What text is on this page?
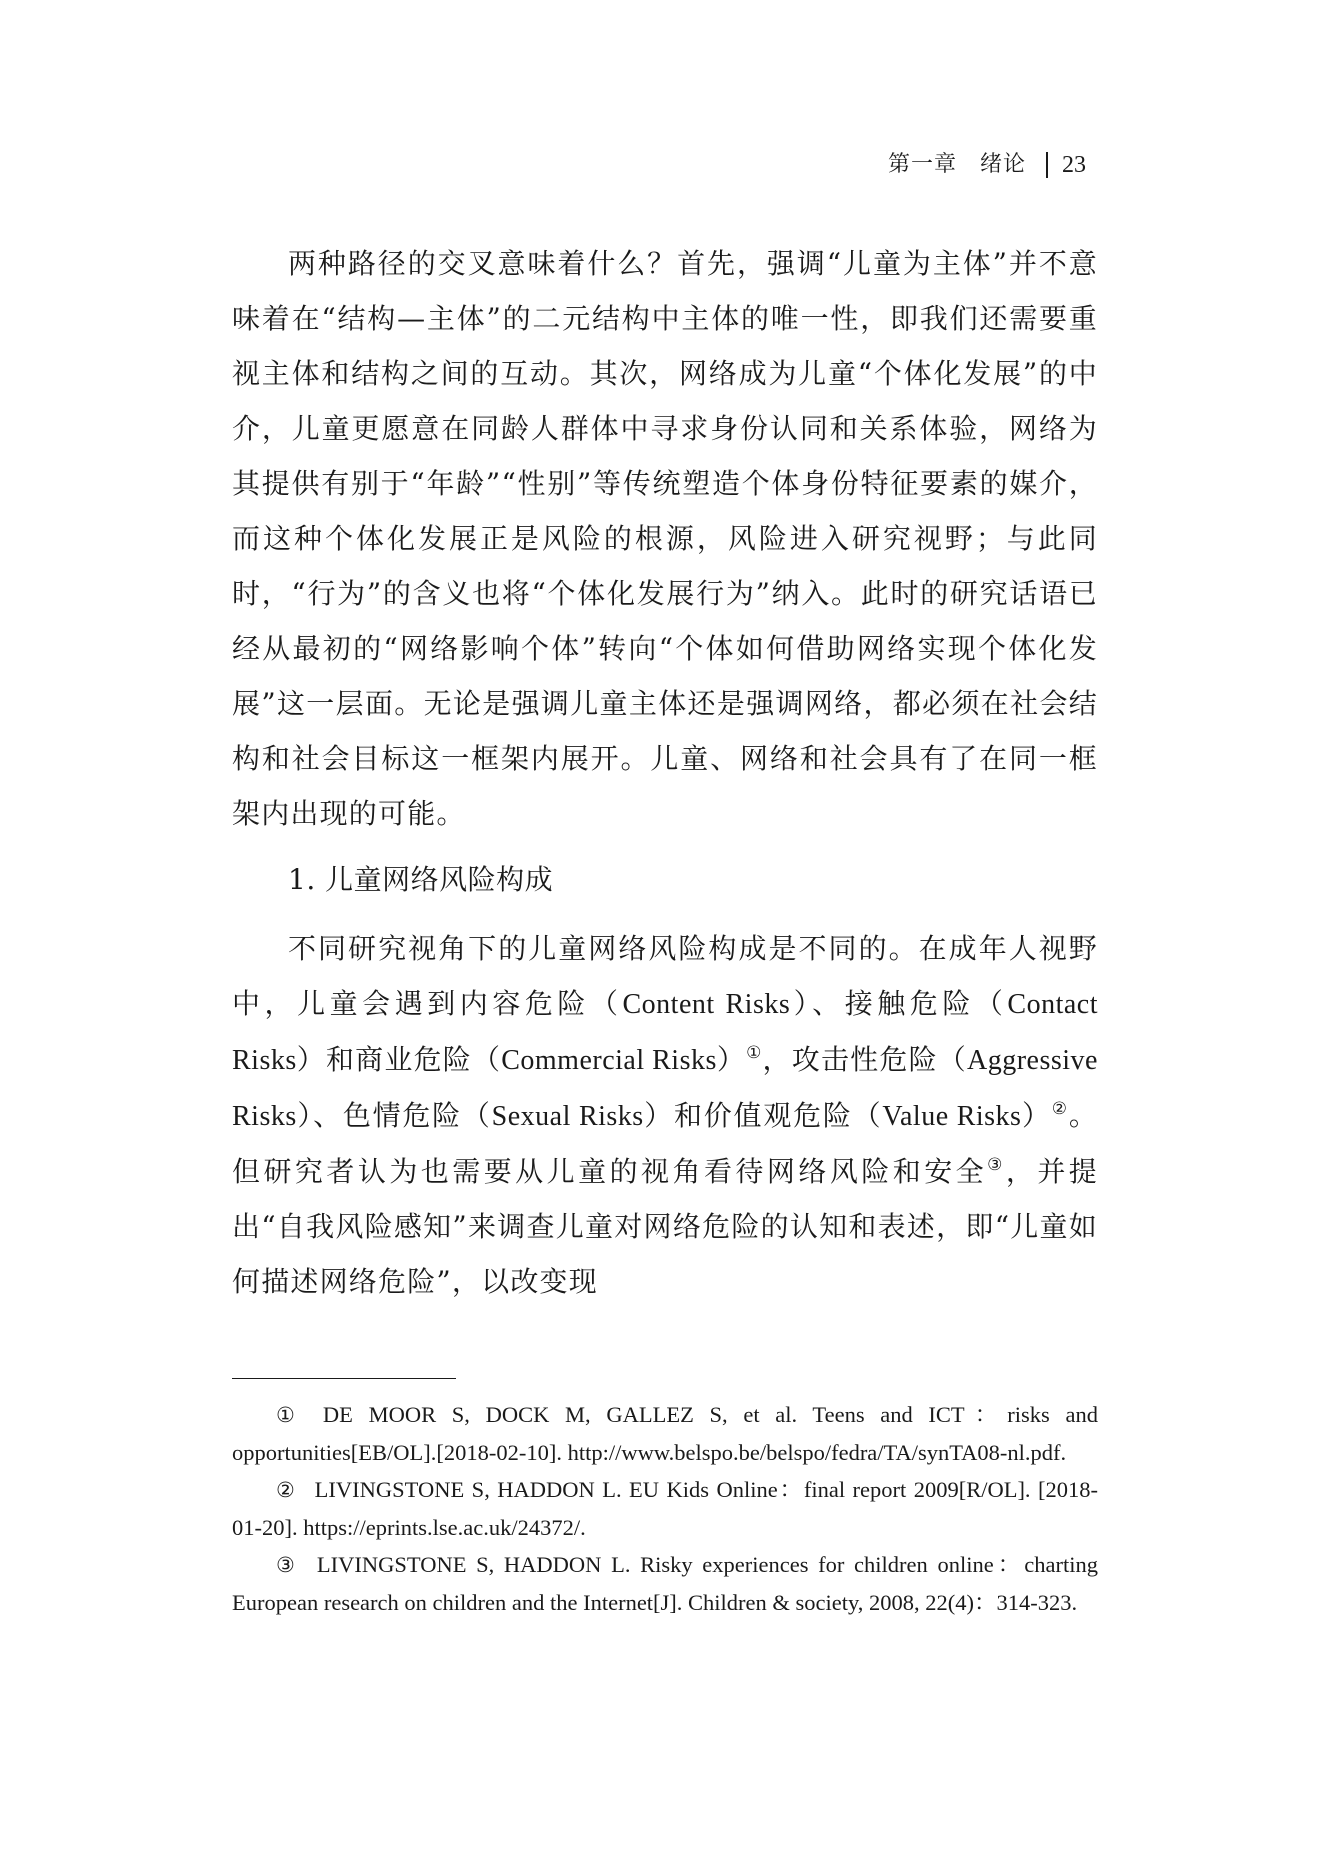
第一章　绪论 23

两种路径的交叉意味着什么？首先，强调“儿童为主体”并不意味着在“结构—主体”的二元结构中主体的唯一性，即我们还需要重视主体和结构之间的互动。其次，网络成为儿童“个体化发展”的中介，儿童更愿意在同龄人群体中寻求身份认同和关系体验，网络为其提供有别于“年龄”“性别”等传统塑造个体身份特征要素的媒介，而这种个体化发展正是风险的根源，风险进入研究视野；与此同时，“行为”的含义也将“个体化发展行为”纳入。此时的研究话语已经从最初的“网络影响个体”转向“个体如何借助网络实现个体化发展”这一层面。无论是强调儿童主体还是强调网络，都必须在社会结构和社会目标这一框架内展开。儿童、网络和社会具有了在同一框架内出现的可能。

1. 儿童网络风险构成

不同研究视角下的儿童网络风险构成是不同的。在成年人视野中，儿童会遇到内容危险（Content Risks）、接触危险（Contact Risks）和商业危险（Commercial Risks）①，攻击性危险（Aggressive Risks）、色情危险（Sexual Risks）和价值观危险（Value Risks）②。但研究者认为也需要从儿童的视角看待网络风险和安全③，并提出“自我风险感知”来调查儿童对网络危险的认知和表述，即“儿童如何描述网络危险”，以改变现

① DE MOOR S, DOCK M, GALLEZ S, et al. Teens and ICT：risks and opportunities[EB/OL].[2018-02-10]. http://www.belspo.be/belspo/fedra/TA/synTA08-nl.pdf.

② LIVINGSTONE S, HADDON L. EU Kids Online：final report 2009[R/OL]. [2018-01-20]. https://eprints.lse.ac.uk/24372/.

③ LIVINGSTONE S, HADDON L. Risky experiences for children online：charting European research on children and the Internet[J]. Children & society, 2008, 22(4)：314-323.
